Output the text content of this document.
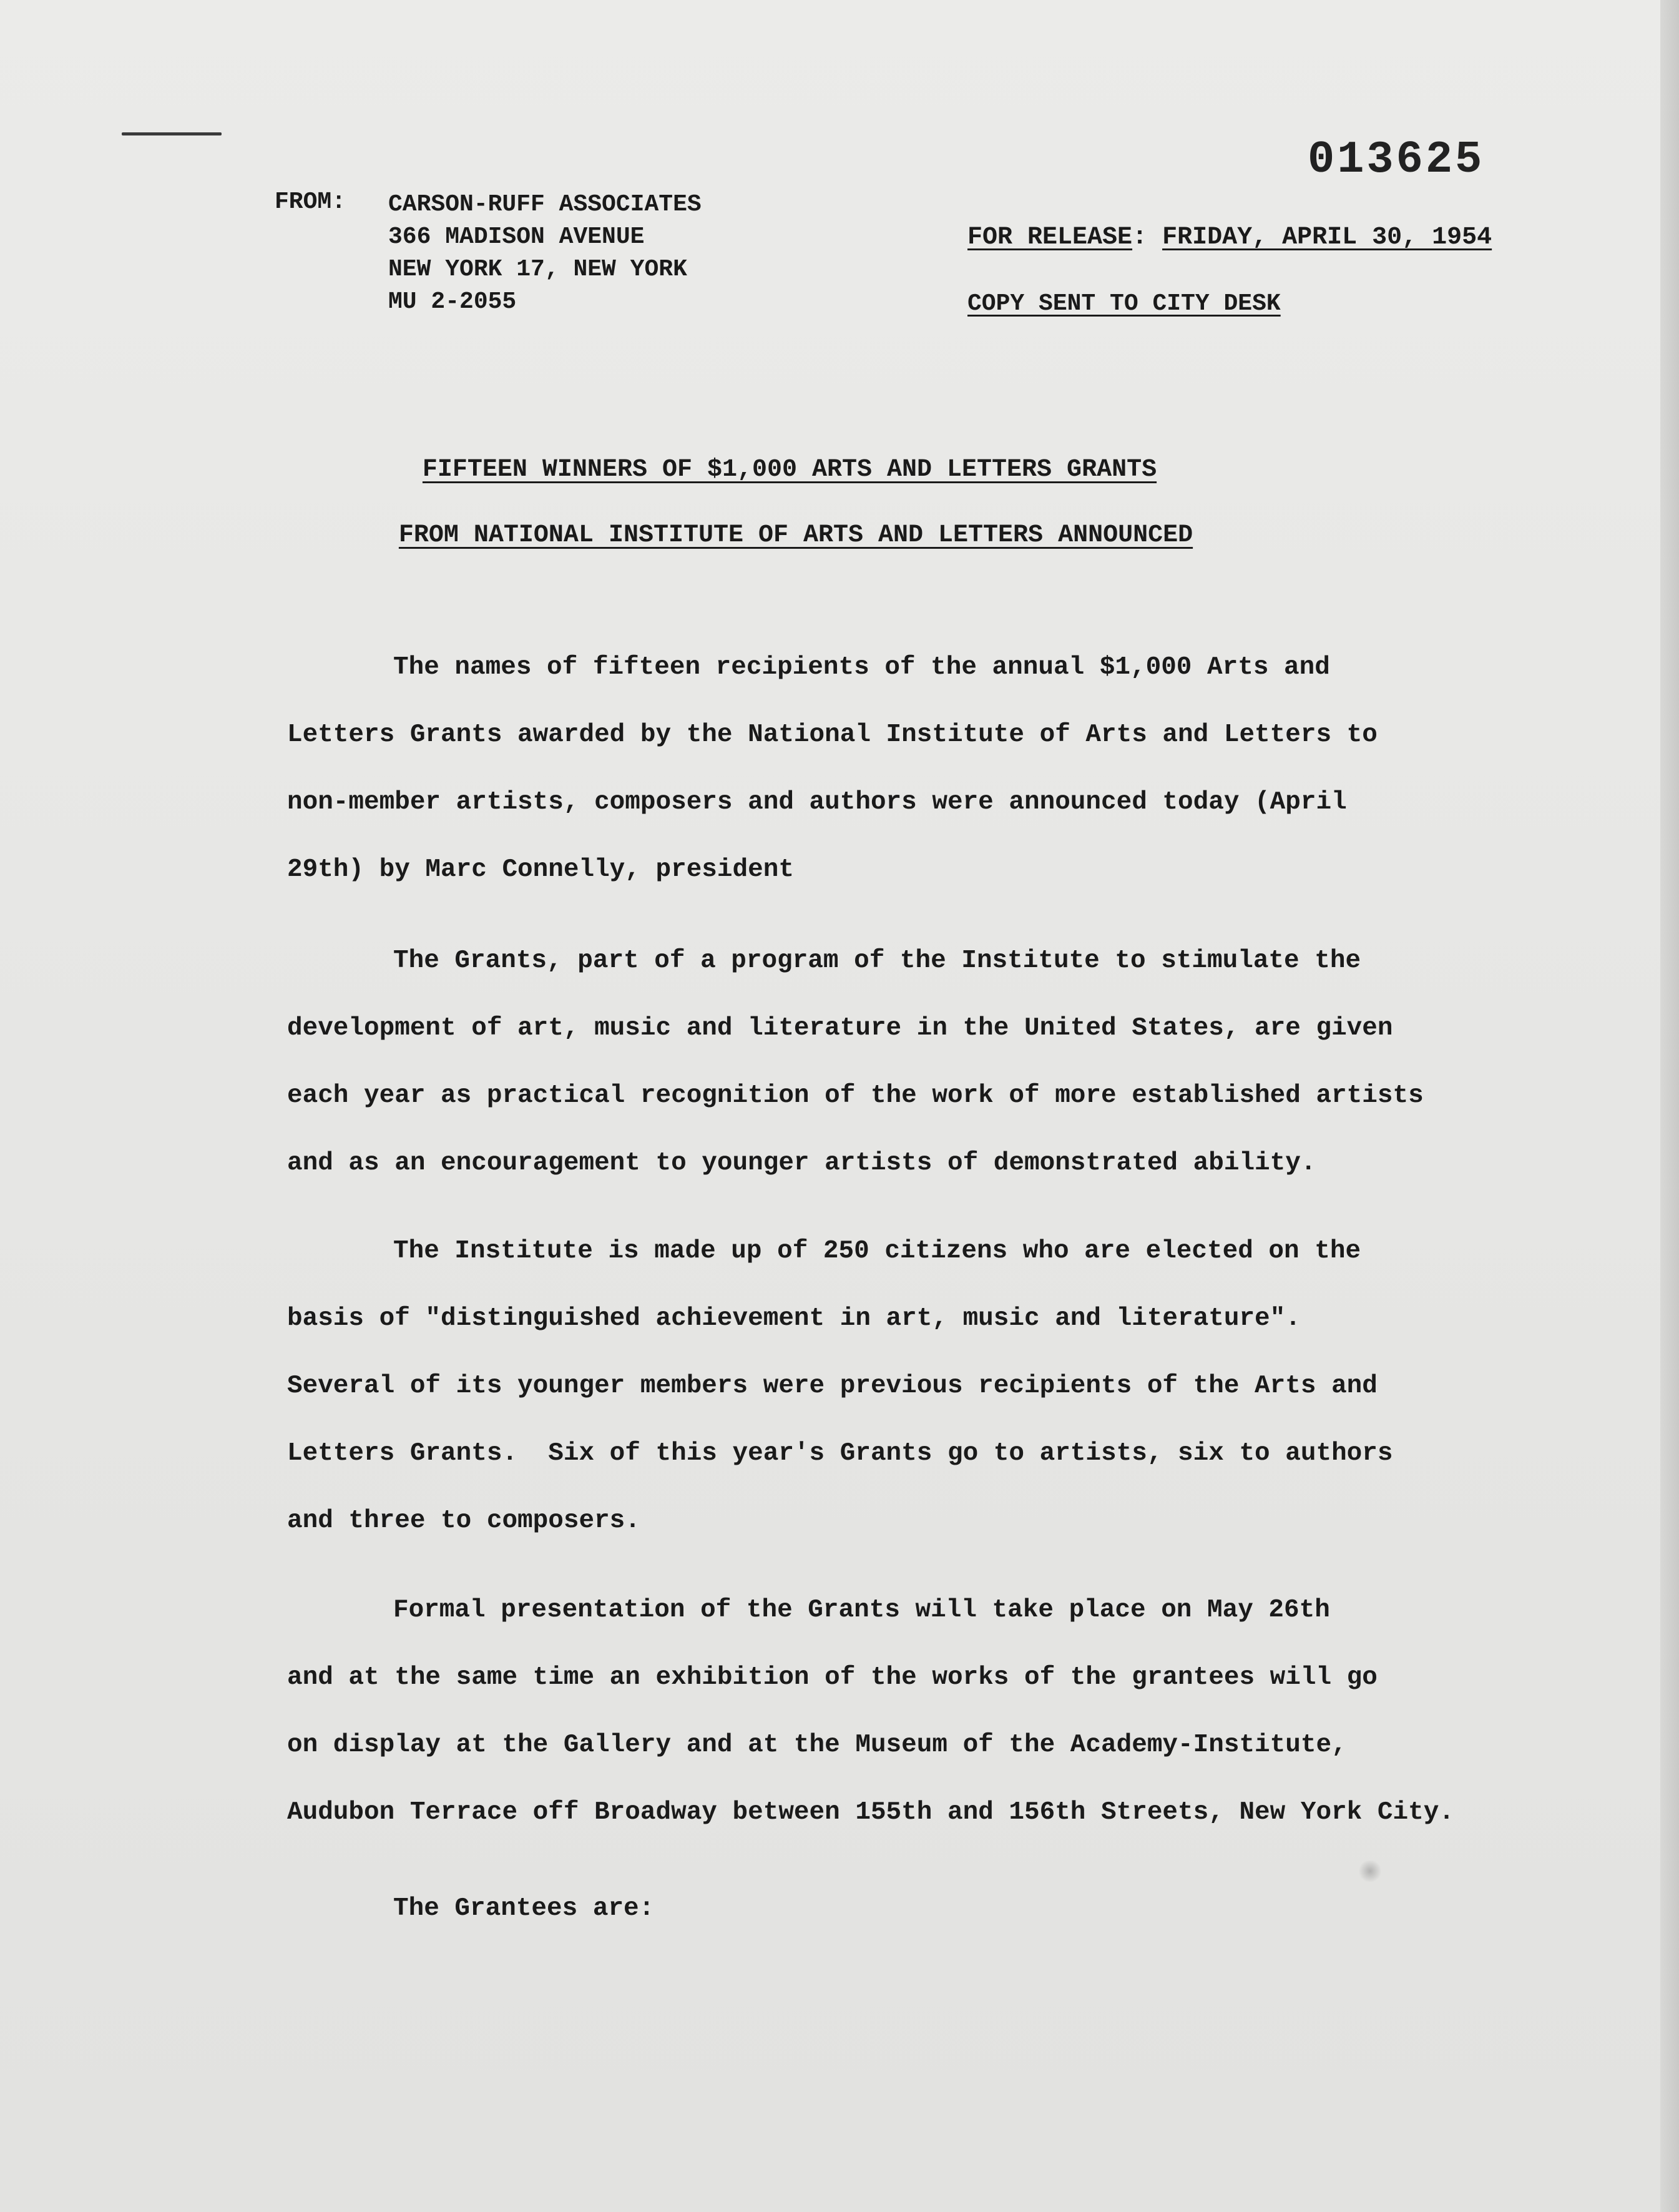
013625
FROM: CARSON-RUFF ASSOCIATES
366 MADISON AVENUE
NEW YORK 17, NEW YORK
MU 2-2055
FOR RELEASE: FRIDAY, APRIL 30, 1954
COPY SENT TO CITY DESK
FIFTEEN WINNERS OF $1,000 ARTS AND LETTERS GRANTS
FROM NATIONAL INSTITUTE OF ARTS AND LETTERS ANNOUNCED
The names of fifteen recipients of the annual $1,000 Arts and
Letters Grants awarded by the National Institute of Arts and Letters to
non-member artists, composers and authors were announced today (April
29th) by Marc Connelly, president
The Grants, part of a program of the Institute to stimulate the
development of art, music and literature in the United States, are given
each year as practical recognition of the work of more established artists
and as an encouragement to younger artists of demonstrated ability.
The Institute is made up of 250 citizens who are elected on the
basis of "distinguished achievement in art, music and literature".
Several of its younger members were previous recipients of the Arts and
Letters Grants.  Six of this year's Grants go to artists, six to authors
and three to composers.
Formal presentation of the Grants will take place on May 26th
and at the same time an exhibition of the works of the grantees will go
on display at the Gallery and at the Museum of the Academy-Institute,
Audubon Terrace off Broadway between 155th and 156th Streets, New York City.
The Grantees are:
